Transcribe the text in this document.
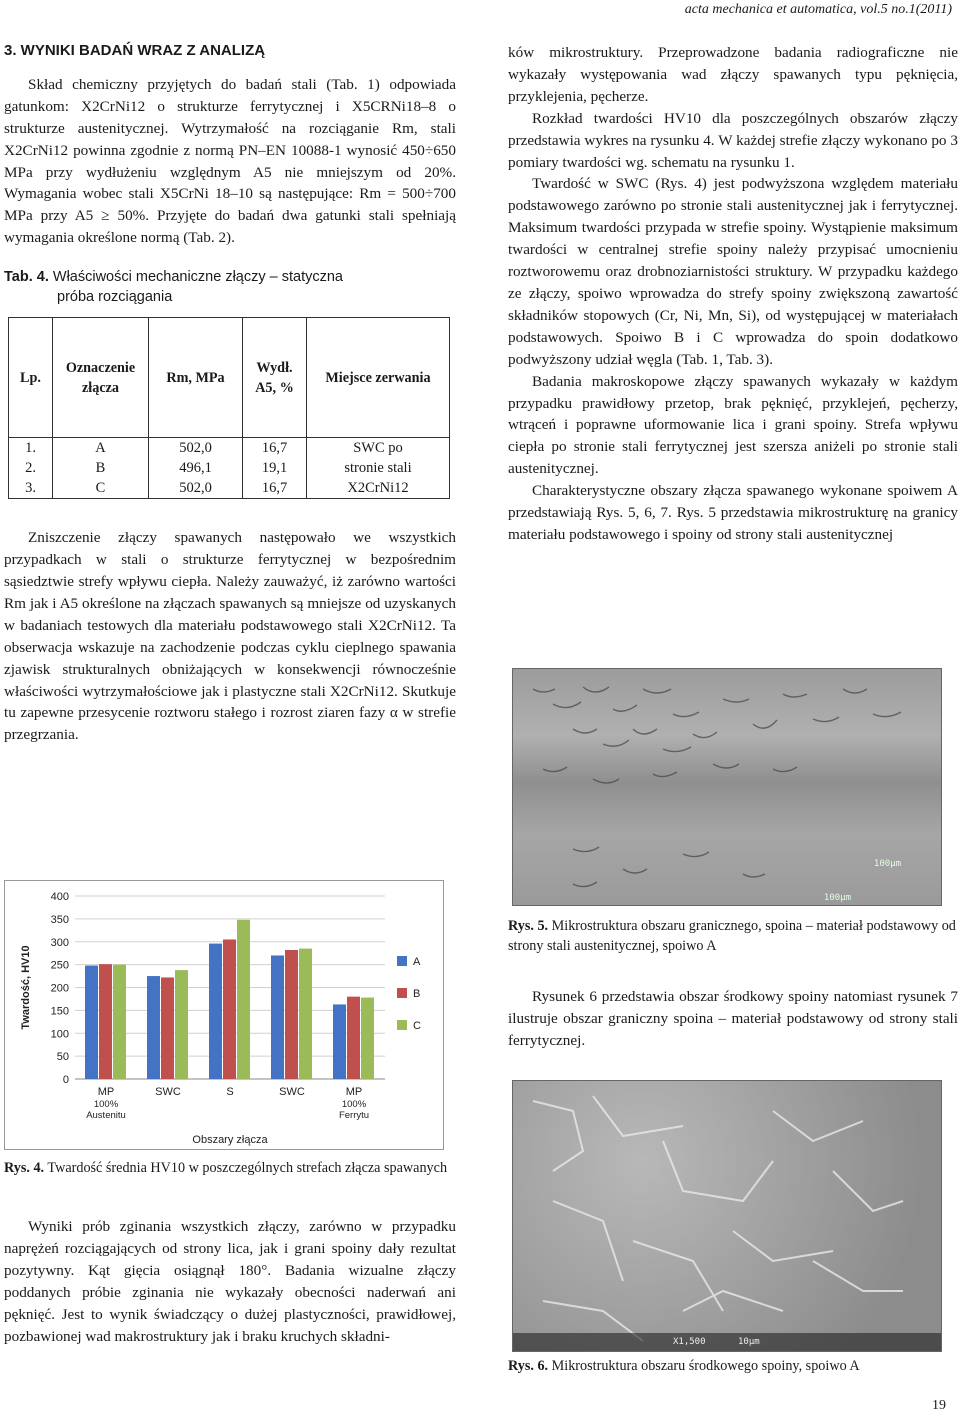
acta mechanica et automatica, vol.5 no.1(2011)
3. WYNIKI BADAŃ WRAZ Z ANALIZĄ

Skład chemiczny przyjętych do badań stali (Tab. 1) odpowiada gatunkom: X2CrNi12 o strukturze ferrytycznej i X5CRNi18–8 o strukturze austenitycznej. Wytrzymałość na rozciąganie Rm, stali X2CrNi12 powinna zgodnie z normą PN–EN 10088-1 wynosić 450÷650 MPa przy wydłużeniu względnym A5 nie mniejszym od 20%. Wymagania wobec stali X5CrNi 18–10 są następujące: Rm = 500÷700 MPa przy A5 ≥ 50%. Przyjęte do badań dwa gatunki stali spełniają wymagania określone normą (Tab. 2).

Tab. 4. Właściwości mechaniczne złączy – statyczna
próba rozciągania
Lp.	Oznaczenie złącza	Rm, MPa	Wydł. A5, %	Miejsce zerwania
1.	A	502,0	16,7	SWC po
2.	B	496,1	19,1	stronie stali
3.	C	502,0	16,7	X2CrNi12

Zniszczenie złączy spawanych następowało we wszystkich przypadkach w stali o strukturze ferrytycznej w bezpośrednim sąsiedztwie strefy wpływu ciepła. Należy zauważyć, iż zarówno wartości Rm jak i A5 określone na złączach spawanych są mniejsze od uzyskanych w badaniach testowych dla materiału podstawowego stali X2CrNi12. Ta obserwacja wskazuje na zachodzenie podczas cyklu cieplnego spawania zjawisk strukturalnych obniżających w konsekwencji równocześnie właściwości wytrzymałościowe jak i plastyczne stali X2CrNi12. Skutkuje tu zapewne przesycenie roztworu stałego i rozrost ziaren fazy α w strefie przegrzania.

0
50
100
150
200
250
300
350
400
MP
100%
Austenitu
SWC	S	SWC	MP
100%
Ferrytu
Obszary złącza
Twardość, HV10	A
B
C
Rys. 4. Twardość średnia HV10 w poszczególnych strefach złącza spawanych

Wyniki prób zginania wszystkich złączy, zarówno w przypadku naprężeń rozciągających od strony lica, jak i grani spoiny dały rezultat pozytywny. Kąt gięcia osiągnął 180°. Badania wizualne złączy poddanych próbie zginania nie wykazały obecności naderwań ani pęknięć. Jest to wynik świadczący o dużej plastyczności, prawidłowej, pozbawionej wad makrostruktury jak i braku kruchych składni-

ków mikrostruktury. Przeprowadzone badania radiograficzne nie wykazały występowania wad złączy spawanych typu pęknięcia, przyklejenia, pęcherze.

Rozkład twardości HV10 dla poszczególnych obszarów złączy przedstawia wykres na rysunku 4. W każdej strefie złączy wykonano po 3 pomiary twardości wg. schematu na rysunku 1.

Twardość w SWC (Rys. 4) jest podwyższona względem materiału podstawowego zarówno po stronie stali austenitycznej jak i ferrytycznej. Maksimum twardości przypada w strefie spoiny. Wystąpienie maksimum twardości w centralnej strefie spoiny należy przypisać umocnieniu roztworowemu oraz drobnoziarnistości struktury. W przypadku każdego ze złączy, spoiwo wprowadza do strefy spoiny zwiększoną zawartość składników stopowych (Cr, Ni, Mn, Si), od występującej w materiałach podstawowych. Spoiwo B i C wprowadza do spoin dodatkowo podwyższony udział węgla (Tab. 1, Tab. 3).

Badania makroskopowe złączy spawanych wykazały w każdym przypadku prawidłowy przetop, brak pęknięć, przyklejeń, pęcherzy, wtrąceń i poprawne uformowanie lica i grani spoiny. Strefa wpływu ciepła po stronie stali ferrytycznej jest szersza aniżeli po stronie stali austenitycznej.

Charakterystyczne obszary złącza spawanego wykonane spoiwem A przedstawiają Rys. 5, 6, 7. Rys. 5 przedstawia mikrostrukturę na granicy materiału podstawowego i spoiny od strony stali austenitycznej

100µm
100µm
Rys. 5. Mikrostruktura obszaru granicznego, spoina – materiał podstawowy od strony stali austenitycznej, spoiwo A

Rysunek 6 przedstawia obszar środkowy spoiny natomiast rysunek 7 ilustruje obszar graniczny spoina – materiał podstawowy od strony stali ferrytycznej.

X1,500	10µm
Rys. 6. Mikrostruktura obszaru środkowego spoiny, spoiwo A
19
